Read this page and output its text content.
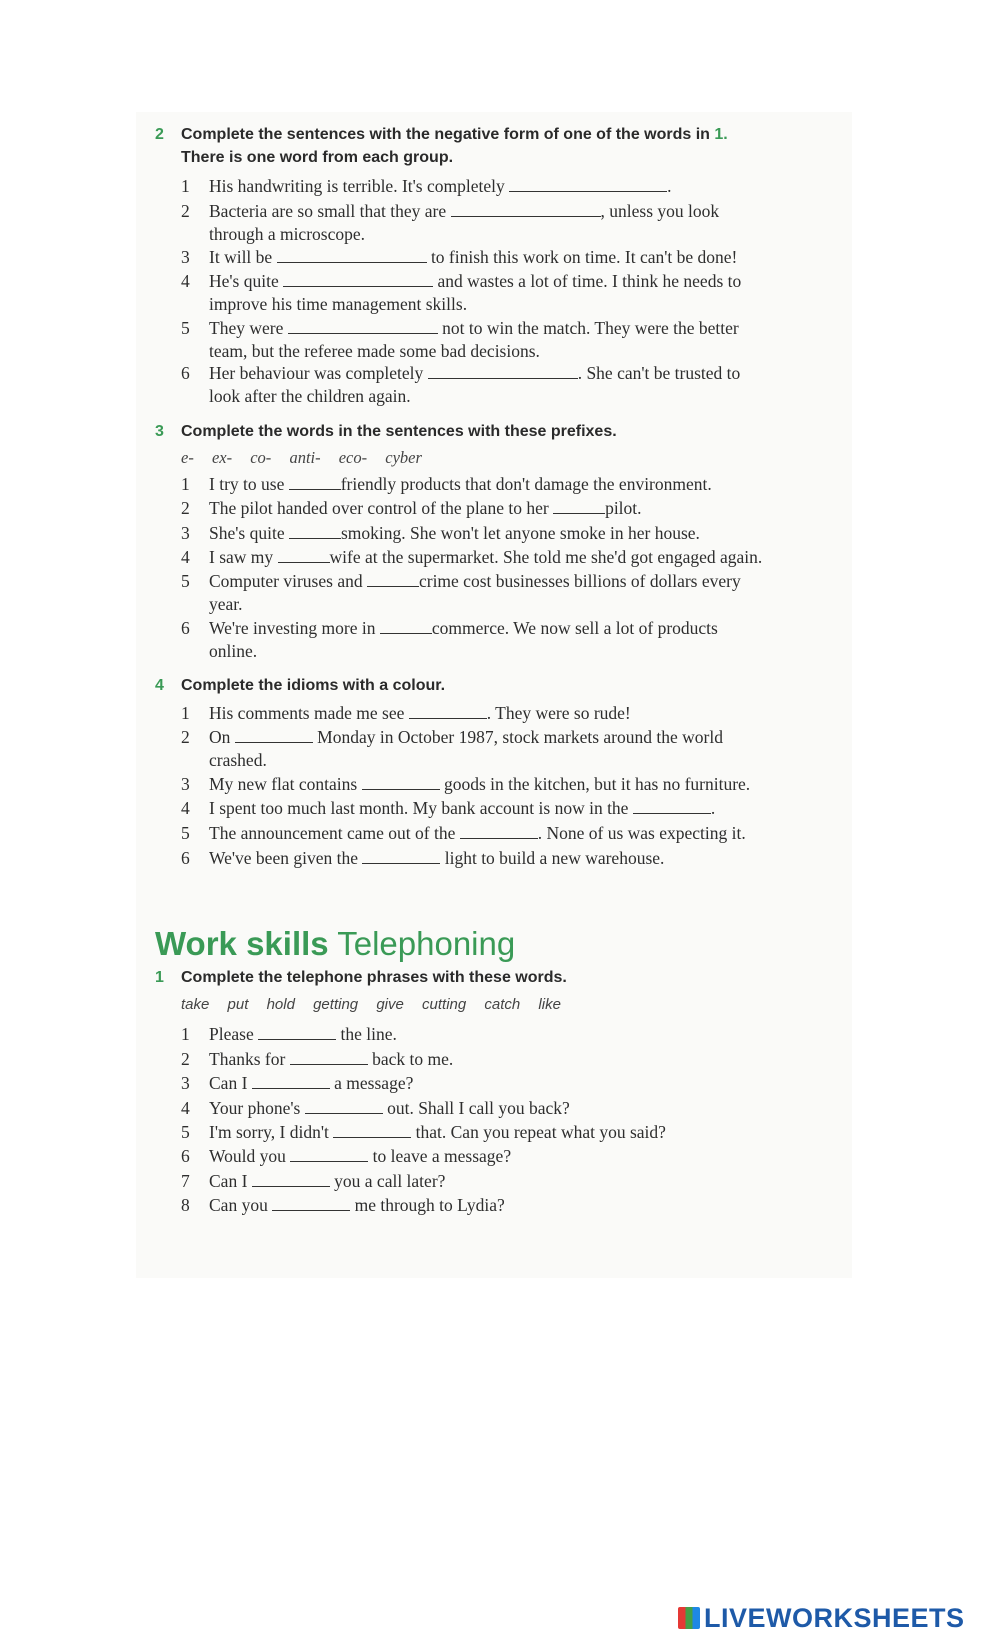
2 Complete the sentences with the negative form of one of the words in 1.
There is one word from each group.
1	His handwriting is terrible. It's completely	.
2	Bacteria are so small that they are	, unless you look
through a microscope.
3	It will be	to finish this work on time. It can't be done!
4	He's quite	and wastes a lot of time. I think he needs to
improve his time management skills.
5	They were	not to win the match. They were the better
team, but the referee made some bad decisions.
6	Her behaviour was completely	. She can't be trusted to
look after the children again.
3 Complete the words in the sentences with these prefixes.
e- ex- co- anti- eco- cyber
1	I try to use	friendly products that don't damage the environment.
2	The pilot handed over control of the plane to her	pilot.
3	She's quite	smoking. She won't let anyone smoke in her house.
4	I saw my	wife at the supermarket. She told me she'd got engaged again.
5	Computer viruses and	crime cost businesses billions of dollars every
year.
6	We're investing more in	commerce. We now sell a lot of products
online.
4 Complete the idioms with a colour.
1	His comments made me see	. They were so rude!
2	On	Monday in October 1987, stock markets around the world
crashed.
3	My new flat contains	goods in the kitchen, but it has no furniture.
4	I spent too much last month. My bank account is now in the	.
5	The announcement came out of the	. None of us was expecting it.
6	We've been given the	light to build a new warehouse.
Work skills Telephoning
1 Complete the telephone phrases with these words.
take put hold getting give cutting catch like
1	Please	the line.
2	Thanks for	back to me.
3	Can I	a message?
4	Your phone's	out. Shall I call you back?
5	I'm sorry, I didn't	that. Can you repeat what you said?
6	Would you	to leave a message?
7	Can I	you a call later?
8	Can you	me through to Lydia?
LIVEWORKSHEETS
